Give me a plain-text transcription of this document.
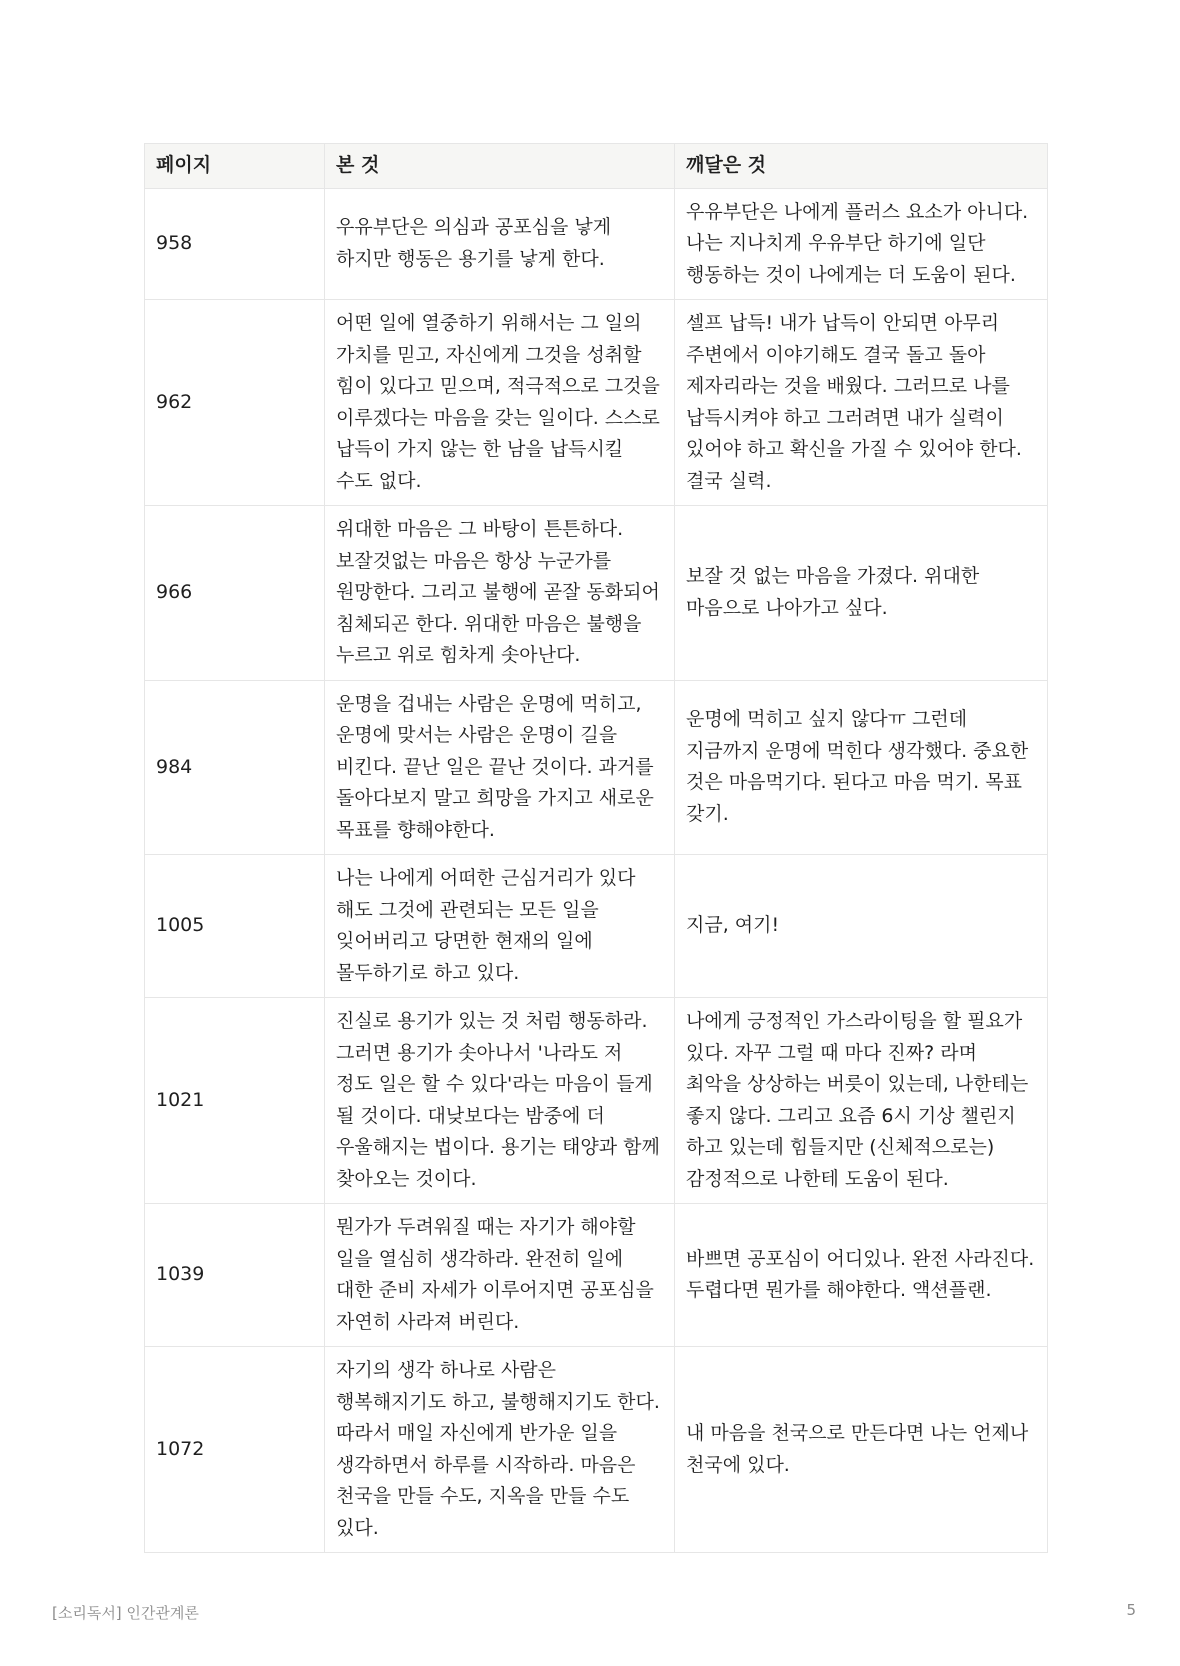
페이지	본 것	깨달은 것
958	우유부단은 의심과 공포심을 낳게 하지만 행동은 용기를 낳게 한다.	우유부단은 나에게 플러스 요소가 아니다. 나는 지나치게 우유부단 하기에 일단 행동하는 것이 나에게는 더 도움이 된다.
962	어떤 일에 열중하기 위해서는 그 일의 가치를 믿고, 자신에게 그것을 성취할 힘이 있다고 믿으며, 적극적으로 그것을 이루겠다는 마음을 갖는 일이다. 스스로 납득이 가지 않는 한 남을 납득시킬 수도 없다.	셀프 납득! 내가 납득이 안되면 아무리 주변에서 이야기해도 결국 돌고 돌아 제자리라는 것을 배웠다. 그러므로 나를 납득시켜야 하고 그러려면 내가 실력이 있어야 하고 확신을 가질 수 있어야 한다. 결국 실력.
966	위대한 마음은 그 바탕이 튼튼하다. 보잘것없는 마음은 항상 누군가를 원망한다. 그리고 불행에 곧잘 동화되어 침체되곤 한다. 위대한 마음은 불행을 누르고 위로 힘차게 솟아난다.	보잘 것 없는 마음을 가졌다. 위대한 마음으로 나아가고 싶다.
984	운명을 겁내는 사람은 운명에 먹히고, 운명에 맞서는 사람은 운명이 길을 비킨다. 끝난 일은 끝난 것이다. 과거를 돌아다보지 말고 희망을 가지고 새로운 목표를 향해야한다.	운명에 먹히고 싶지 않다ㅠ 그런데 지금까지 운명에 먹힌다 생각했다. 중요한 것은 마음먹기다. 된다고 마음 먹기. 목표 갖기.
1005	나는 나에게 어떠한 근심거리가 있다 해도 그것에 관련되는 모든 일을 잊어버리고 당면한 현재의 일에 몰두하기로 하고 있다.	지금, 여기!
1021	진실로 용기가 있는 것 처럼 행동하라. 그러면 용기가 솟아나서 '나라도 저 정도 일은 할 수 있다'라는 마음이 들게 될 것이다. 대낮보다는 밤중에 더 우울해지는 법이다. 용기는 태양과 함께 찾아오는 것이다.	나에게 긍정적인 가스라이팅을 할 필요가 있다. 자꾸 그럴 때 마다 진짜? 라며 최악을 상상하는 버릇이 있는데, 나한테는 좋지 않다. 그리고 요즘 6시 기상 챌린지 하고 있는데 힘들지만 (신체적으로는) 감정적으로 나한테 도움이 된다.
1039	뭔가가 두려워질 때는 자기가 해야할 일을 열심히 생각하라. 완전히 일에 대한 준비 자세가 이루어지면 공포심을 자연히 사라져 버린다.	바쁘면 공포심이 어디있나. 완전 사라진다. 두렵다면 뭔가를 해야한다. 액션플랜.
1072	자기의 생각 하나로 사람은 행복해지기도 하고, 불행해지기도 한다. 따라서 매일 자신에게 반가운 일을 생각하면서 하루를 시작하라. 마음은 천국을 만들 수도, 지옥을 만들 수도 있다.	내 마음을 천국으로 만든다면 나는 언제나 천국에 있다.
[소리독서] 인간관계론	5
